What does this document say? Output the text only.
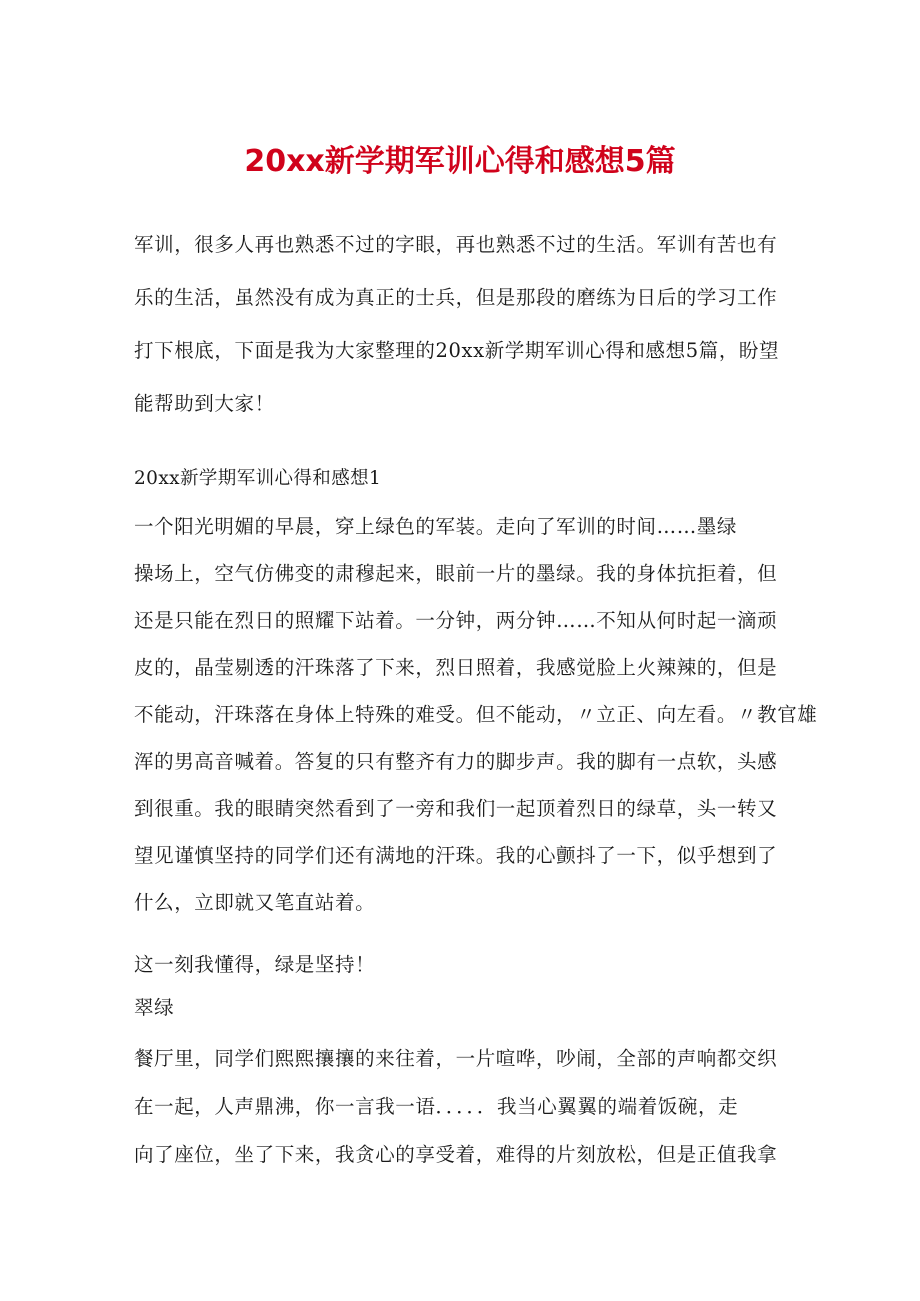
20xx新学期军训心得和感想5篇

军训，很多人再也熟悉不过的字眼，再也熟悉不过的生活。军训有苦也有
乐的生活，虽然没有成为真正的士兵，但是那段的磨练为日后的学习工作
打下根底，下面是我为大家整理的20xx新学期军训心得和感想5篇，盼望
能帮助到大家！

20xx新学期军训心得和感想1

一个阳光明媚的早晨，穿上绿色的军装。走向了军训的时间……墨绿
操场上，空气仿佛变的肃穆起来，眼前一片的墨绿。我的身体抗拒着，但
还是只能在烈日的照耀下站着。一分钟，两分钟……不知从何时起一滴顽
皮的，晶莹剔透的汗珠落了下来，烈日照着，我感觉脸上火辣辣的，但是
不能动，汗珠落在身体上特殊的难受。但不能动，〃立正、向左看。〃教官雄
浑的男高音喊着。答复的只有整齐有力的脚步声。我的脚有一点软，头感
到很重。我的眼睛突然看到了一旁和我们一起顶着烈日的绿草，头一转又
望见谨慎坚持的同学们还有满地的汗珠。我的心颤抖了一下，似乎想到了
什么，立即就又笔直站着。

这一刻我懂得，绿是坚持！

翠绿

餐厅里，同学们熙熙攘攘的来往着，一片喧哗，吵闹，全部的声响都交织
在一起，人声鼎沸，你一言我一语．．．．．我当心翼翼的端着饭碗，走
向了座位，坐了下来，我贪心的享受着，难得的片刻放松，但是正值我拿
